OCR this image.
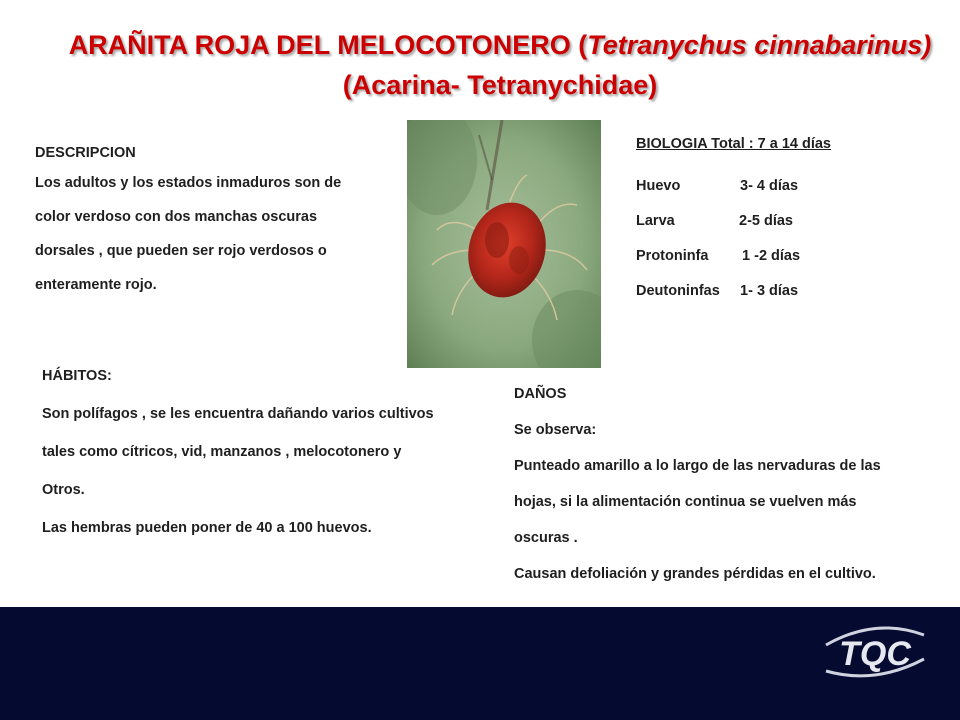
ARAÑITA ROJA DEL MELOCOTONERO (Tetranychus cinnabarinus)
(Acarina- Tetranychidae)
DESCRIPCION
Los adultos y los estados inmaduros son de
color verdoso con dos manchas oscuras
dorsales , que pueden ser rojo verdosos o
enteramente rojo.
BIOLOGIA Total : 7 a 14 días
Huevo	3- 4 días
Larva	2-5 días
Protoninfa 1 -2 días
Deutoninfas 1- 3 días
HÁBITOS:
Son polífagos , se les encuentra dañando varios cultivos
tales como cítricos, vid, manzanos , melocotonero y
Otros.
Las hembras pueden poner de 40 a 100 huevos.
DAÑOS
Se observa:
Punteado amarillo a lo largo de las nervaduras de las
hojas, si la alimentación continua se vuelven más
oscuras .
Causan defoliación y grandes pérdidas en el cultivo.
TQC
